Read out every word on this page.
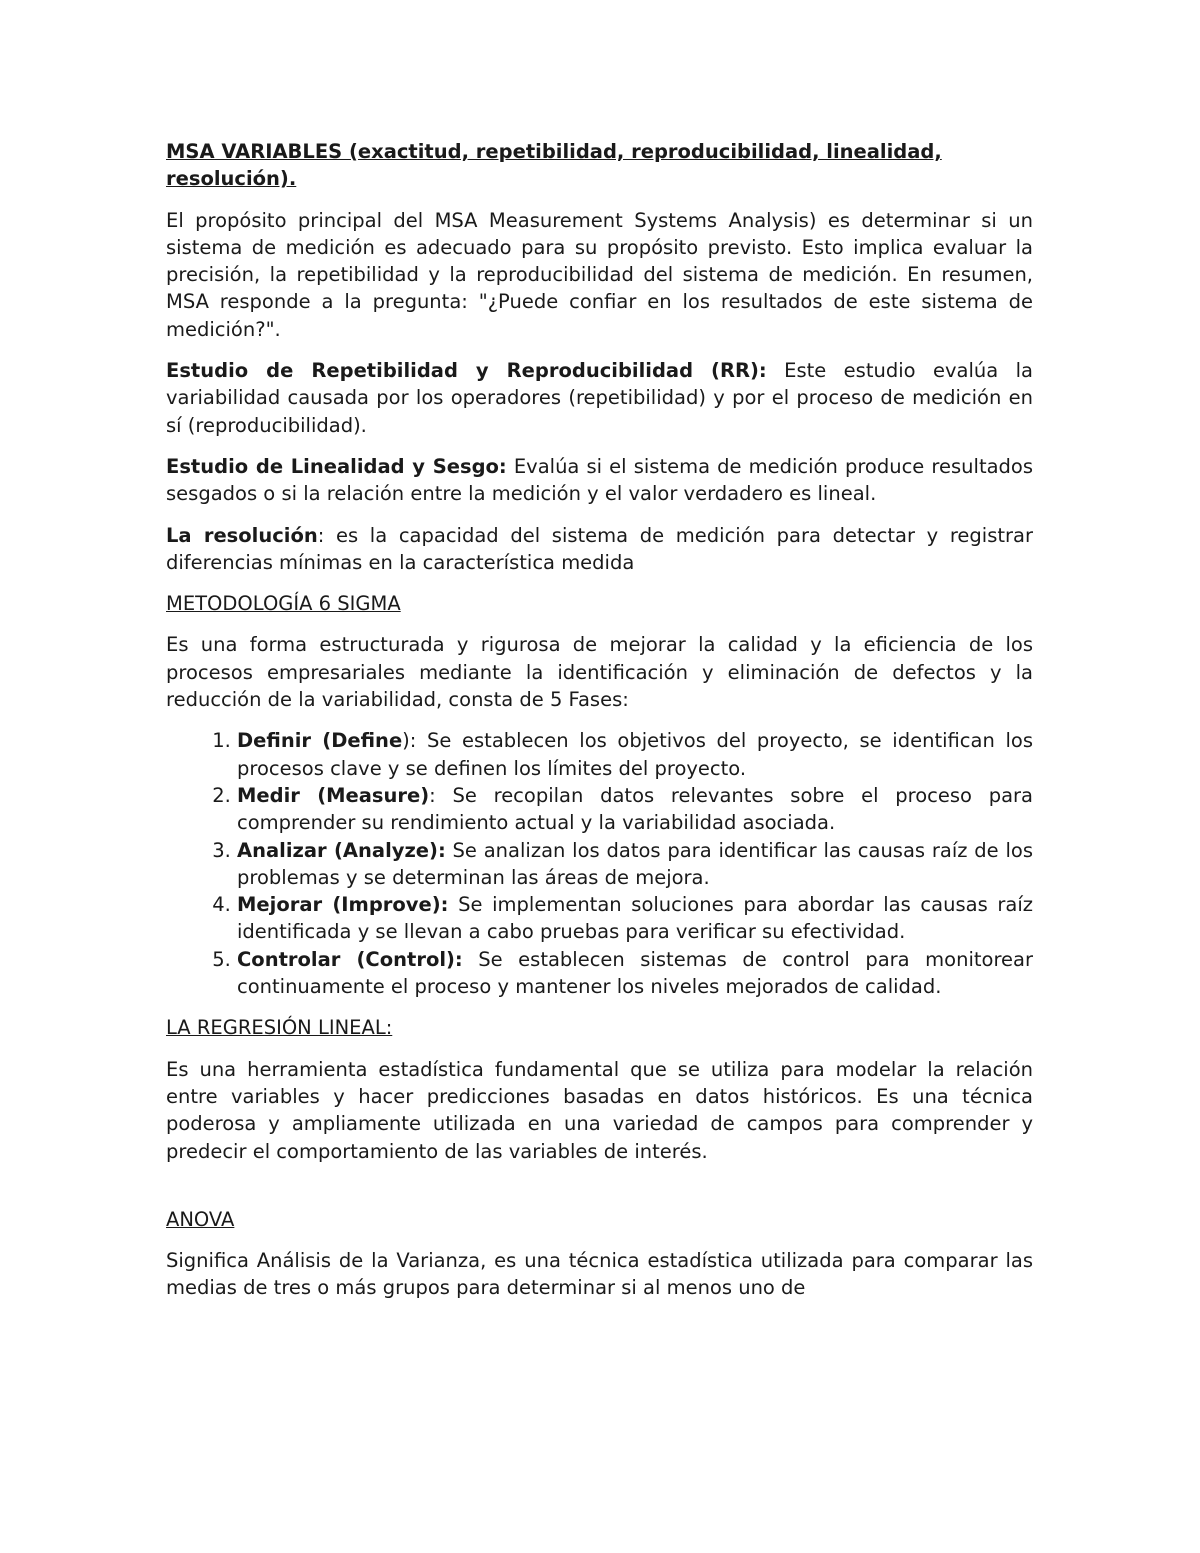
MSA VARIABLES (exactitud, repetibilidad, reproducibilidad, linealidad, resolución).

El propósito principal del MSA Measurement Systems Analysis) es determinar si un sistema de medición es adecuado para su propósito previsto. Esto implica evaluar la precisión, la repetibilidad y la reproducibilidad del sistema de medición. En resumen, MSA responde a la pregunta: "¿Puede confiar en los resultados de este sistema de medición?".

Estudio de Repetibilidad y Reproducibilidad (RR): Este estudio evalúa la variabilidad causada por los operadores (repetibilidad) y por el proceso de medición en sí (reproducibilidad).

Estudio de Linealidad y Sesgo: Evalúa si el sistema de medición produce resultados sesgados o si la relación entre la medición y el valor verdadero es lineal.

La resolución: es la capacidad del sistema de medición para detectar y registrar diferencias mínimas en la característica medida

METODOLOGÍA 6 SIGMA

Es una forma estructurada y rigurosa de mejorar la calidad y la eficiencia de los procesos empresariales mediante la identificación y eliminación de defectos y la reducción de la variabilidad, consta de 5 Fases:

1. Definir (Define): Se establecen los objetivos del proyecto, se identifican los procesos clave y se definen los límites del proyecto.
2. Medir (Measure): Se recopilan datos relevantes sobre el proceso para comprender su rendimiento actual y la variabilidad asociada.
3. Analizar (Analyze): Se analizan los datos para identificar las causas raíz de los problemas y se determinan las áreas de mejora.
4. Mejorar (Improve): Se implementan soluciones para abordar las causas raíz identificada y se llevan a cabo pruebas para verificar su efectividad.
5. Controlar (Control): Se establecen sistemas de control para monitorear continuamente el proceso y mantener los niveles mejorados de calidad.

LA REGRESIÓN LINEAL:

Es una herramienta estadística fundamental que se utiliza para modelar la relación entre variables y hacer predicciones basadas en datos históricos. Es una técnica poderosa y ampliamente utilizada en una variedad de campos para comprender y predecir el comportamiento de las variables de interés.

ANOVA

Significa Análisis de la Varianza, es una técnica estadística utilizada para comparar las medias de tres o más grupos para determinar si al menos uno de
